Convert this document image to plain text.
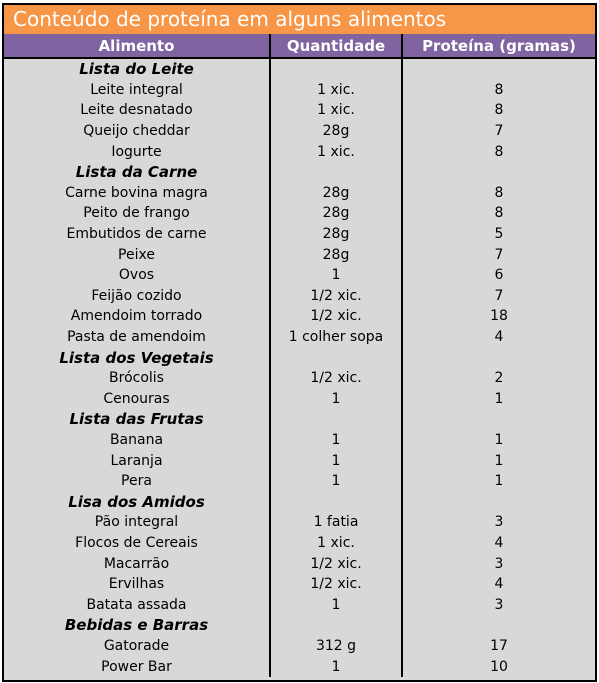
Conteúdo de proteína em alguns alimentos
Alimento	Quantidade	Proteína (gramas)
Lista do Leite		
Leite integral	1 xic.	8
Leite desnatado	1 xic.	8
Queijo cheddar	28g	7
Iogurte	1 xic.	8
Lista da Carne		
Carne bovina magra	28g	8
Peito de frango	28g	8
Embutidos de carne	28g	5
Peixe	28g	7
Ovos	1	6
Feijão cozido	1/2 xic.	7
Amendoim torrado	1/2 xic.	18
Pasta de amendoim	1 colher sopa	4
Lista dos Vegetais		
Brócolis	1/2 xic.	2
Cenouras	1	1
Lista das Frutas		
Banana	1	1
Laranja	1	1
Pera	1	1
Lisa dos Amidos		
Pão integral	1 fatia	3
Flocos de Cereais	1 xic.	4
Macarrão	1/2 xic.	3
Ervilhas	1/2 xic.	4
Batata assada	1	3
Bebidas e Barras		
Gatorade	312 g	17
Power Bar	1	10
